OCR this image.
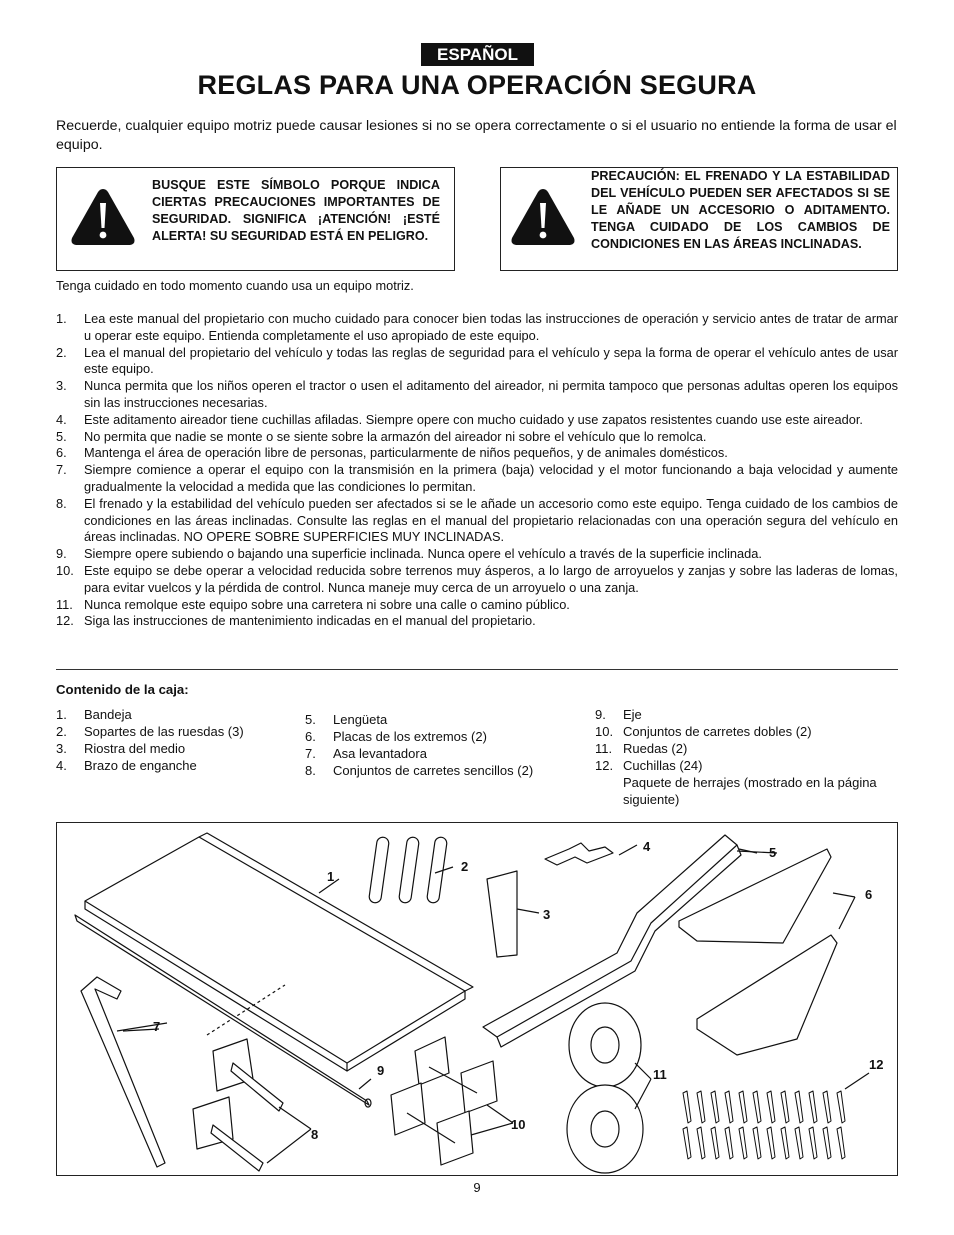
ESPAÑOL
REGLAS PARA UNA OPERACIÓN SEGURA
Recuerde, cualquier equipo motriz puede causar lesiones si no se opera correctamente o si el usuario no entiende la forma de usar el equipo.
BUSQUE ESTE SÍMBOLO PORQUE INDICA CIERTAS PRECAUCIONES IMPORTANTES DE SEGURIDAD. SIGNIFICA ¡ATENCIÓN! ¡ESTÉ ALERTA! SU SEGURIDAD ESTÁ EN PELIGRO.
PRECAUCIÓN: EL FRENADO Y LA ESTABILIDAD DEL VEHÍCULO PUEDEN SER AFECTADOS SI SE LE AÑADE UN ACCESORIO O ADITAMENTO. TENGA CUIDADO DE LOS CAMBIOS DE CONDICIONES EN LAS ÁREAS INCLINADAS.
Tenga cuidado en todo momento cuando usa un equipo motriz.
1. Lea este manual del propietario con mucho cuidado para conocer bien todas las instrucciones de operación y servicio antes de tratar de armar u operar este equipo. Entienda completamente el uso apropiado de este equipo.
2. Lea el manual del propietario del vehículo y todas las reglas de seguridad para el vehículo y sepa la forma de operar el vehículo antes de usar este equipo.
3. Nunca permita que los niños operen el tractor o usen el aditamento del aireador, ni permita tampoco que personas adultas operen los equipos sin las instrucciones necesarias.
4. Este aditamento aireador tiene cuchillas afiladas. Siempre opere con mucho cuidado y use zapatos resistentes cuando use este aireador.
5. No permita que nadie se monte o se siente sobre la armazón del aireador ni sobre el vehículo que lo remolca.
6. Mantenga el área de operación libre de personas, particularmente de niños pequeños, y de animales domésticos.
7. Siempre comience a operar el equipo con la transmisión en la primera (baja) velocidad y el motor funcionando a baja velocidad y aumente gradualmente la velocidad a medida que las condiciones lo permitan.
8. El frenado y la estabilidad del vehículo pueden ser afectados si se le añade un accesorio como este equipo. Tenga cuidado de los cambios de condiciones en las áreas inclinadas. Consulte las reglas en el manual del propietario relacionadas con una operación segura del vehículo en áreas inclinadas. NO OPERE SOBRE SUPERFICIES MUY INCLINADAS.
9. Siempre opere subiendo o bajando una superficie inclinada. Nunca opere el vehículo a través de la superficie inclinada.
10. Este equipo se debe operar a velocidad reducida sobre terrenos muy ásperos, a lo largo de arroyuelos y zanjas y sobre las laderas de lomas, para evitar vuelcos y la pérdida de control. Nunca maneje muy cerca de un arroyuelo o una zanja.
11. Nunca remolque este equipo sobre una carretera ni sobre una calle o camino público.
12. Siga las instrucciones de mantenimiento indicadas en el manual del propietario.
Contenido de la caja:
1. Bandeja
2. Sopartes de las ruesdas (3)
3. Riostra del medio
4. Brazo de enganche
5. Lengüeta
6. Placas de los extremos (2)
7. Asa levantadora
8. Conjuntos de carretes sencillos (2)
9. Eje
10. Conjuntos de carretes dobles (2)
11. Ruedas (2)
12. Cuchillas (24)
Paquete de herrajes (mostrado en la página siguiente)
1
2
3
4	5
6
7
8
9
10
11
12
9
